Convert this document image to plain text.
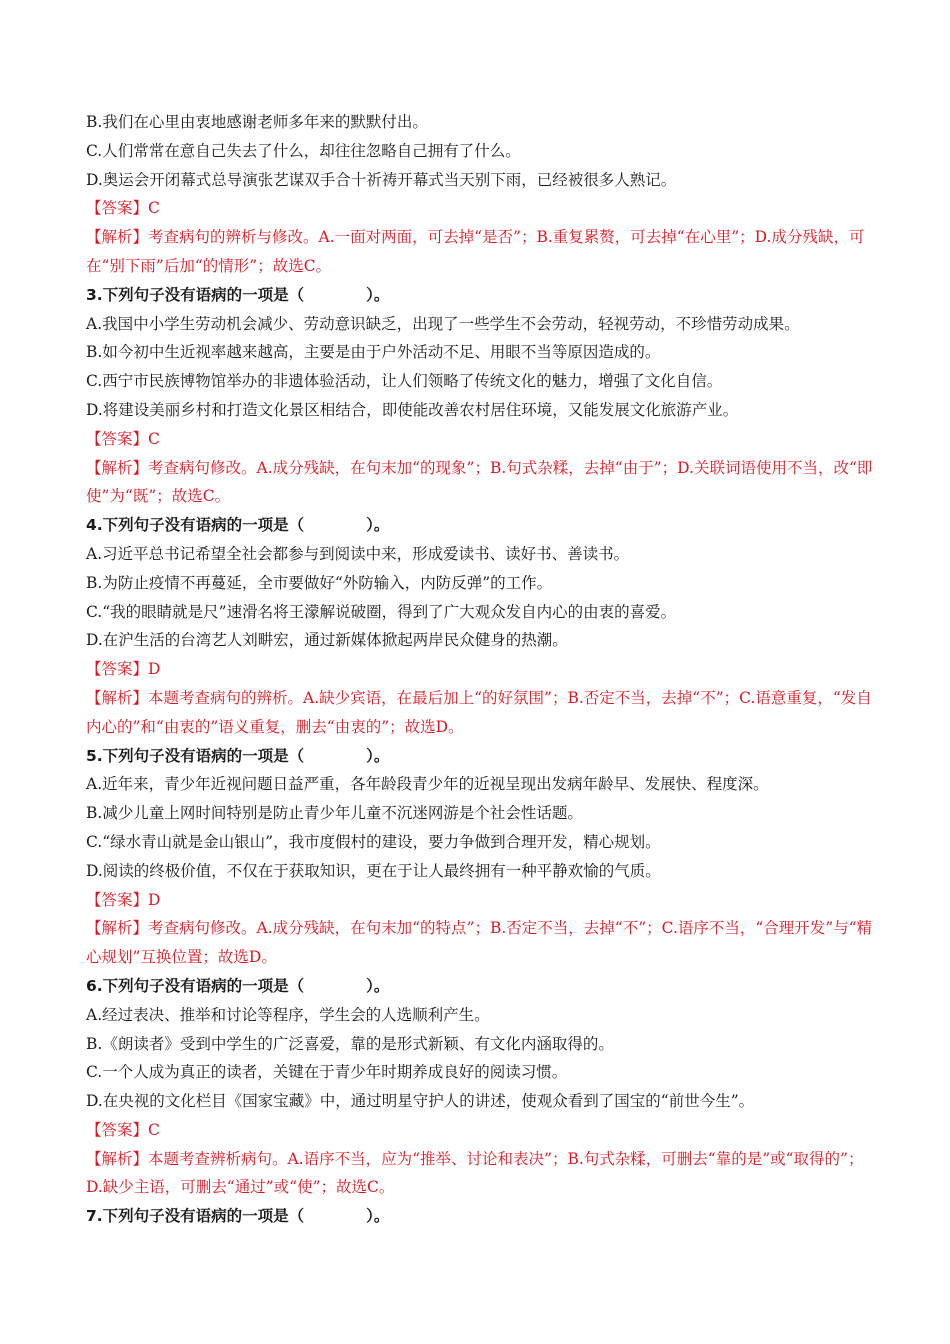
B.我们在心里由衷地感谢老师多年来的默默付出。
C.人们常常在意自己失去了什么，却往往忽略自己拥有了什么。
D.奥运会开闭幕式总导演张艺谋双手合十祈祷开幕式当天别下雨，已经被很多人熟记。
【答案】C
【解析】考查病句的辨析与修改。A.一面对两面，可去掉“是否”；B.重复累赘，可去掉“在心里”；D.成分残缺，可在“别下雨”后加“的情形”；故选C。
3.下列句子没有语病的一项是（　　　　）。
A.我国中小学生劳动机会减少、劳动意识缺乏，出现了一些学生不会劳动，轻视劳动，不珍惜劳动成果。
B.如今初中生近视率越来越高，主要是由于户外活动不足、用眼不当等原因造成的。
C.西宁市民族博物馆举办的非遗体验活动，让人们领略了传统文化的魅力，增强了文化自信。
D.将建设美丽乡村和打造文化景区相结合，即使能改善农村居住环境，又能发展文化旅游产业。
【答案】C
【解析】考查病句修改。A.成分残缺，在句末加“的现象”；B.句式杂糅，去掉“由于”；D.关联词语使用不当，改“即使”为“既”；故选C。
4.下列句子没有语病的一项是（　　　　）。
A.习近平总书记希望全社会都参与到阅读中来，形成爱读书、读好书、善读书。
B.为防止疫情不再蔓延，全市要做好“外防输入，内防反弹”的工作。
C.“我的眼睛就是尺”速滑名将王濛解说破圈，得到了广大观众发自内心的由衷的喜爱。
D.在沪生活的台湾艺人刘畊宏，通过新媒体掀起两岸民众健身的热潮。
【答案】D
【解析】本题考查病句的辨析。A.缺少宾语，在最后加上“的好氛围”；B.否定不当，去掉“不”；C.语意重复，“发自内心的”和“由衷的”语义重复，删去“由衷的”；故选D。
5.下列句子没有语病的一项是（　　　　）。
A.近年来，青少年近视问题日益严重，各年龄段青少年的近视呈现出发病年龄早、发展快、程度深。
B.减少儿童上网时间特别是防止青少年儿童不沉迷网游是个社会性话题。
C.“绿水青山就是金山银山”，我市度假村的建设，要力争做到合理开发，精心规划。
D.阅读的终极价值，不仅在于获取知识，更在于让人最终拥有一种平静欢愉的气质。
【答案】D
【解析】考查病句修改。A.成分残缺，在句末加“的特点”；B.否定不当，去掉“不”；C.语序不当，“合理开发”与“精心规划”互换位置；故选D。
6.下列句子没有语病的一项是（　　　　）。
A.经过表决、推举和讨论等程序，学生会的人选顺利产生。
B.《朗读者》受到中学生的广泛喜爱，靠的是形式新颖、有文化内涵取得的。
C.一个人成为真正的读者，关键在于青少年时期养成良好的阅读习惯。
D.在央视的文化栏目《国家宝藏》中，通过明星守护人的讲述，使观众看到了国宝的“前世今生”。
【答案】C
【解析】本题考查辨析病句。A.语序不当，应为“推举、讨论和表决”；B.句式杂糅，可删去“靠的是”或“取得的”；D.缺少主语，可删去“通过”或“使”；故选C。
7.下列句子没有语病的一项是（　　　　）。
